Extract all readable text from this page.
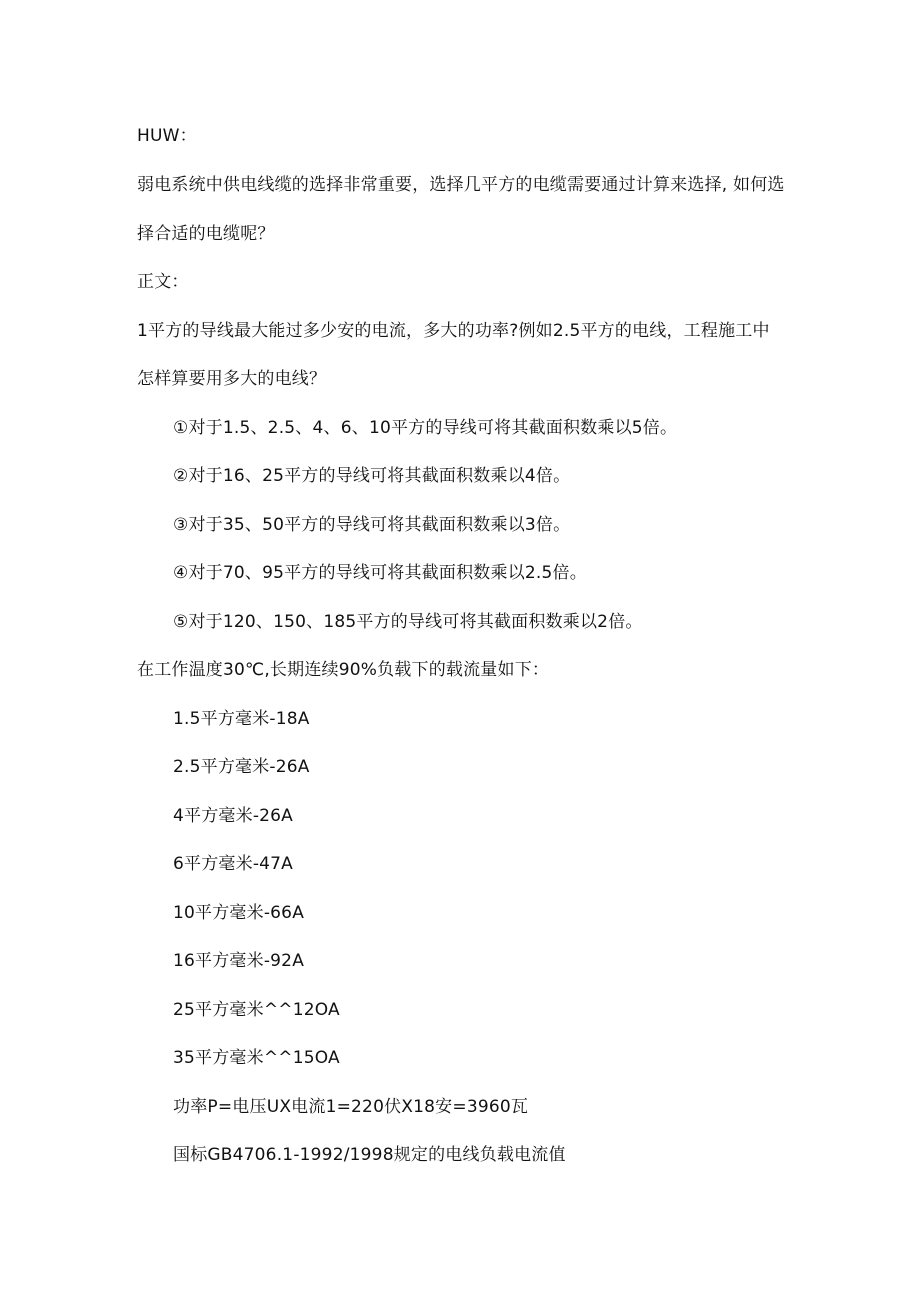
HUW：
弱电系统中供电线缆的选择非常重要，选择几平方的电缆需要通过计算来选择, 如何选
择合适的电缆呢？
正文：
1平方的导线最大能过多少安的电流，多大的功率?例如2.5平方的电线，工程施工中
怎样算要用多大的电线？
①对于1.5、2.5、4、6、10平方的导线可将其截面积数乘以5倍。
②对于16、25平方的导线可将其截面积数乘以4倍。
③对于35、50平方的导线可将其截面积数乘以3倍。
④对于70、95平方的导线可将其截面积数乘以2.5倍。
⑤对于120、150、185平方的导线可将其截面积数乘以2倍。
在工作温度30℃,长期连续90%负载下的载流量如下：
1.5平方毫米-18A
2.5平方毫米-26A
4平方毫米-26A
6平方毫米-47A
10平方毫米-66A
16平方毫米-92A
25平方毫米^^12OA
35平方毫米^^15OA
功率P=电压UX电流1=220伏X18安=3960瓦
国标GB4706.1-1992/1998规定的电线负载电流值
